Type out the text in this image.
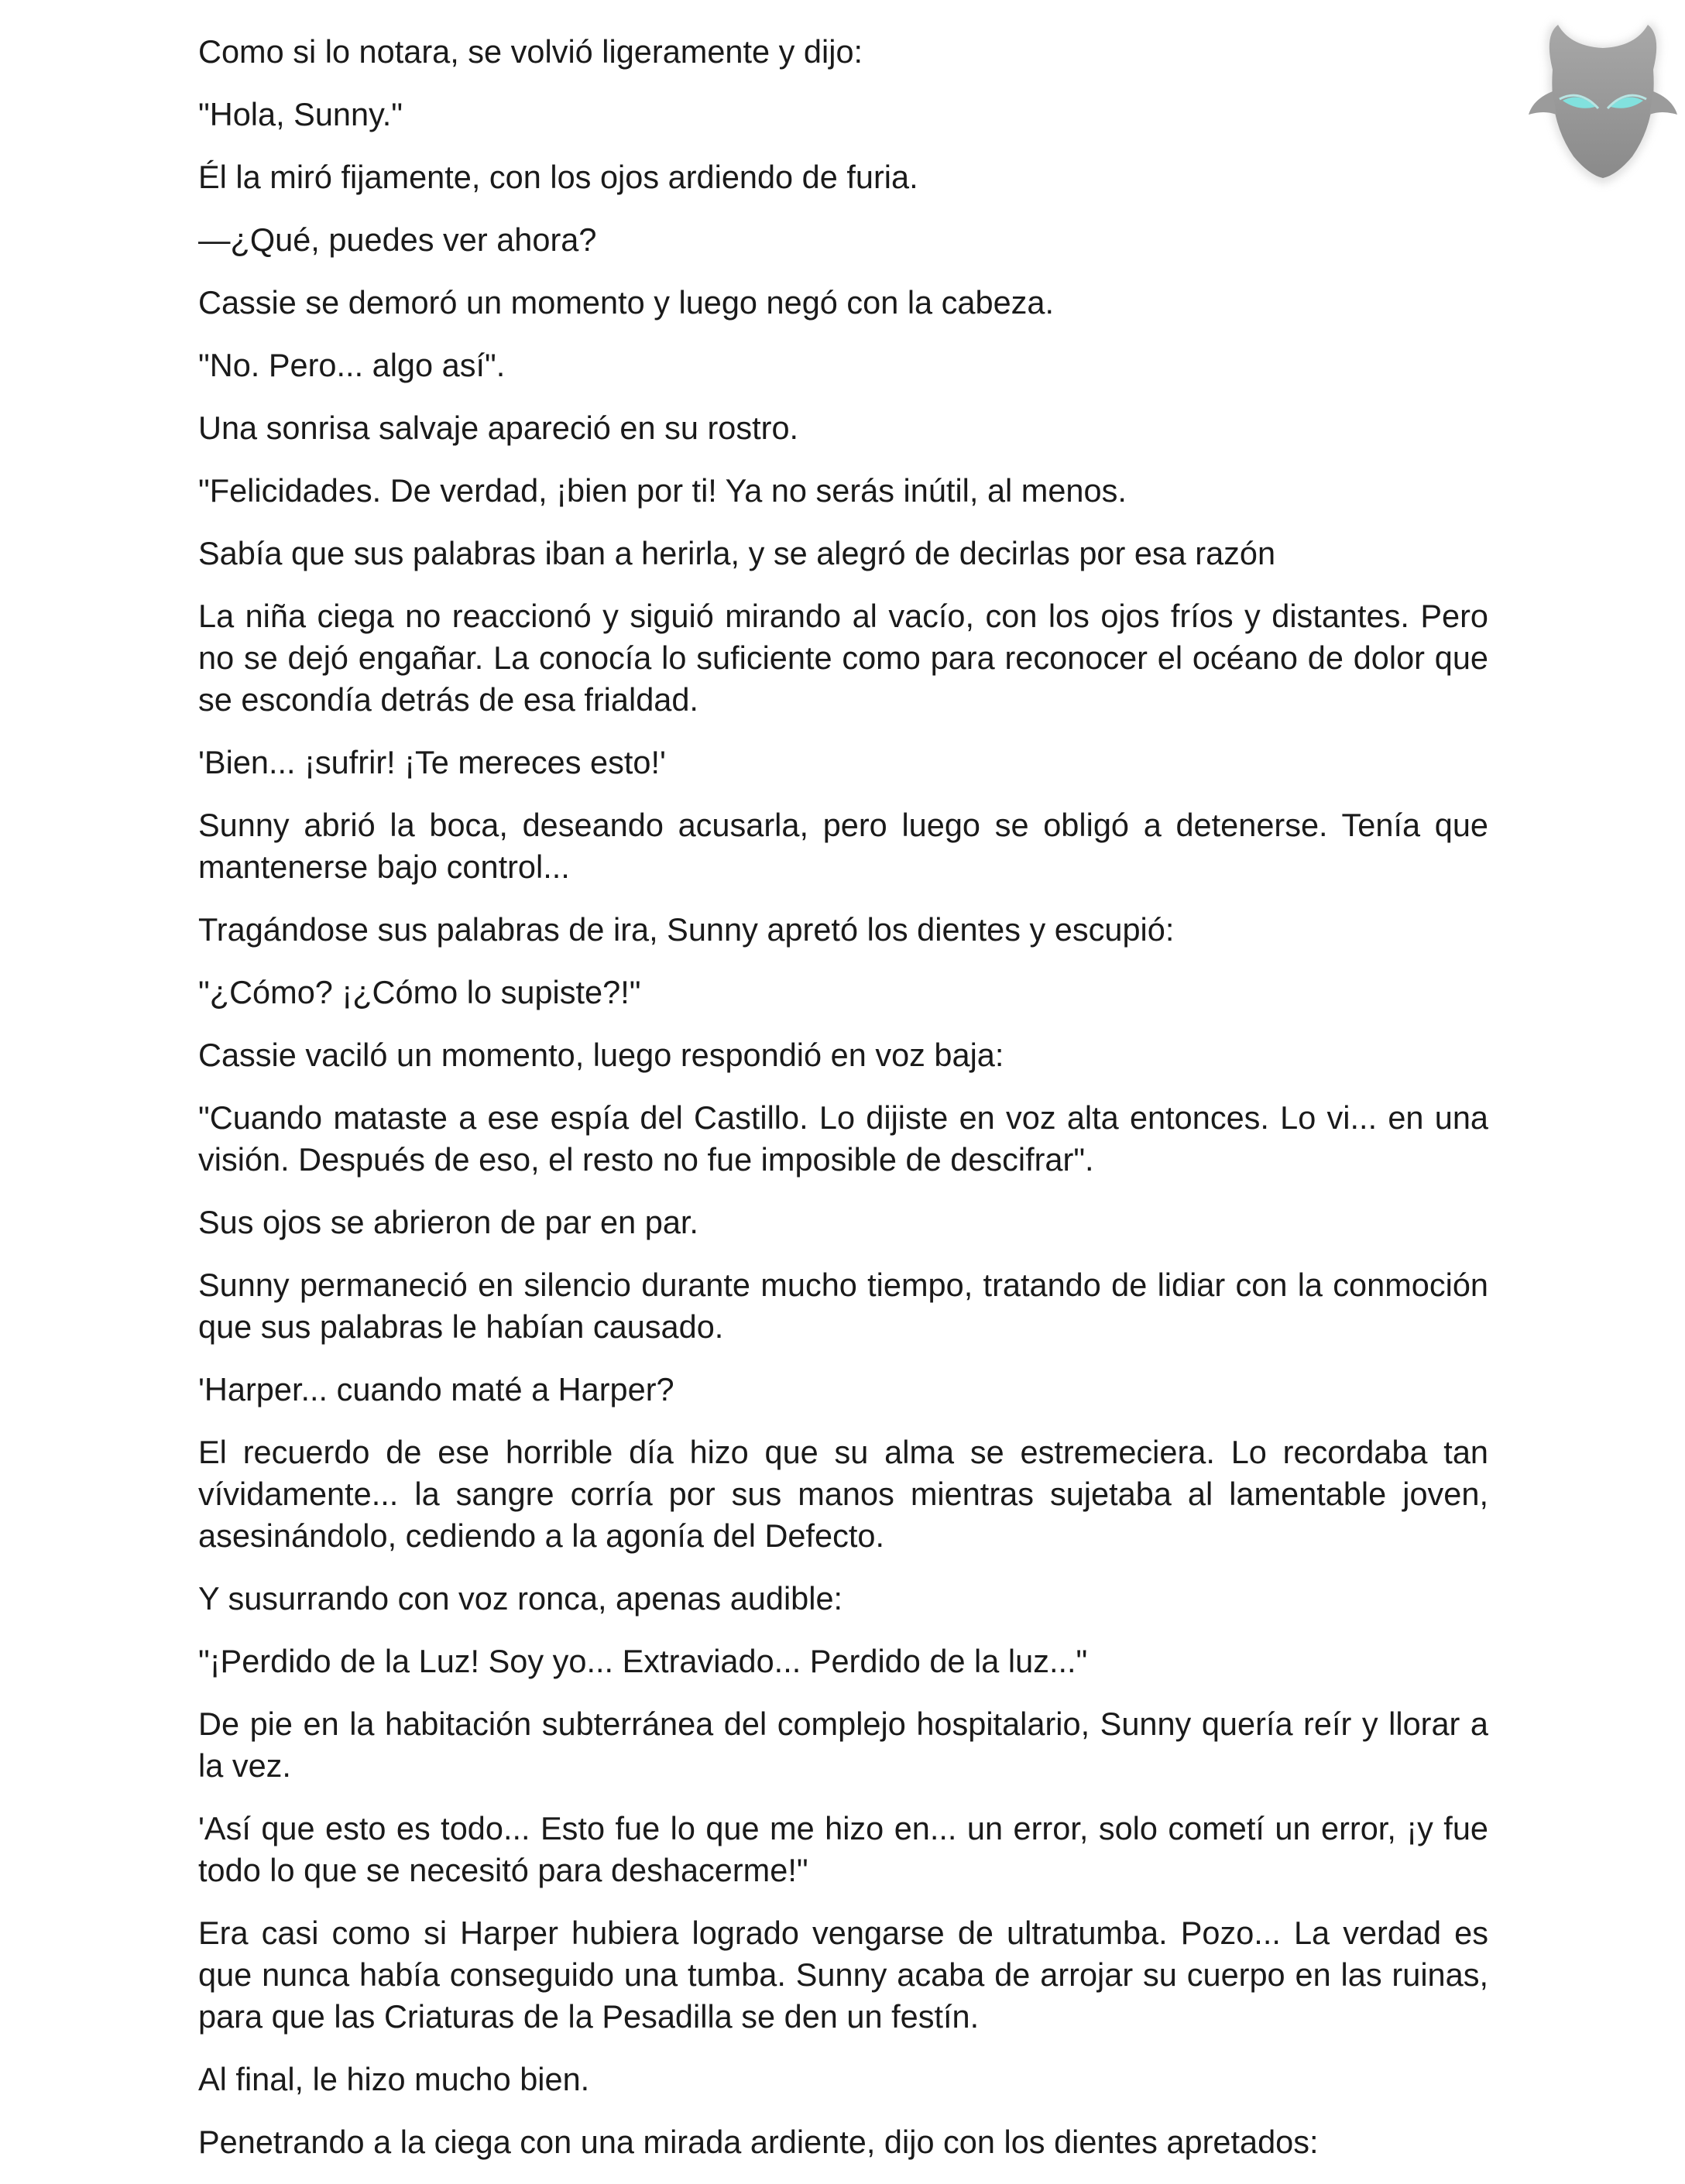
Como si lo notara, se volvió ligeramente y dijo:

"Hola, Sunny."

Él la miró fijamente, con los ojos ardiendo de furia.

—¿Qué, puedes ver ahora?

Cassie se demoró un momento y luego negó con la cabeza.

"No. Pero... algo así".

Una sonrisa salvaje apareció en su rostro.

"Felicidades. De verdad, ¡bien por ti! Ya no serás inútil, al menos.

Sabía que sus palabras iban a herirla, y se alegró de decirlas por esa razón

La niña ciega no reaccionó y siguió mirando al vacío, con los ojos fríos y distantes. Pero no se dejó engañar. La conocía lo suficiente como para reconocer el océano de dolor que se escondía detrás de esa frialdad.

'Bien... ¡sufrir! ¡Te mereces esto!'

Sunny abrió la boca, deseando acusarla, pero luego se obligó a detenerse. Tenía que mantenerse bajo control...

Tragándose sus palabras de ira, Sunny apretó los dientes y escupió:

"¿Cómo? ¡¿Cómo lo supiste?!"

Cassie vaciló un momento, luego respondió en voz baja:

"Cuando mataste a ese espía del Castillo. Lo dijiste en voz alta entonces. Lo vi... en una visión. Después de eso, el resto no fue imposible de descifrar".

Sus ojos se abrieron de par en par.

Sunny permaneció en silencio durante mucho tiempo, tratando de lidiar con la conmoción que sus palabras le habían causado.

'Harper... cuando maté a Harper?

El recuerdo de ese horrible día hizo que su alma se estremeciera. Lo recordaba tan vívidamente... la sangre corría por sus manos mientras sujetaba al lamentable joven, asesinándolo, cediendo a la agonía del Defecto.

Y susurrando con voz ronca, apenas audible:

"¡Perdido de la Luz! Soy yo... Extraviado... Perdido de la luz..."

De pie en la habitación subterránea del complejo hospitalario, Sunny quería reír y llorar a la vez.

'Así que esto es todo... Esto fue lo que me hizo en... un error, solo cometí un error, ¡y fue todo lo que se necesitó para deshacerme!"

Era casi como si Harper hubiera logrado vengarse de ultratumba. Pozo... La verdad es que nunca había conseguido una tumba. Sunny acaba de arrojar su cuerpo en las ruinas, para que las Criaturas de la Pesadilla se den un festín.

Al final, le hizo mucho bien.

Penetrando a la ciega con una mirada ardiente, dijo con los dientes apretados:
